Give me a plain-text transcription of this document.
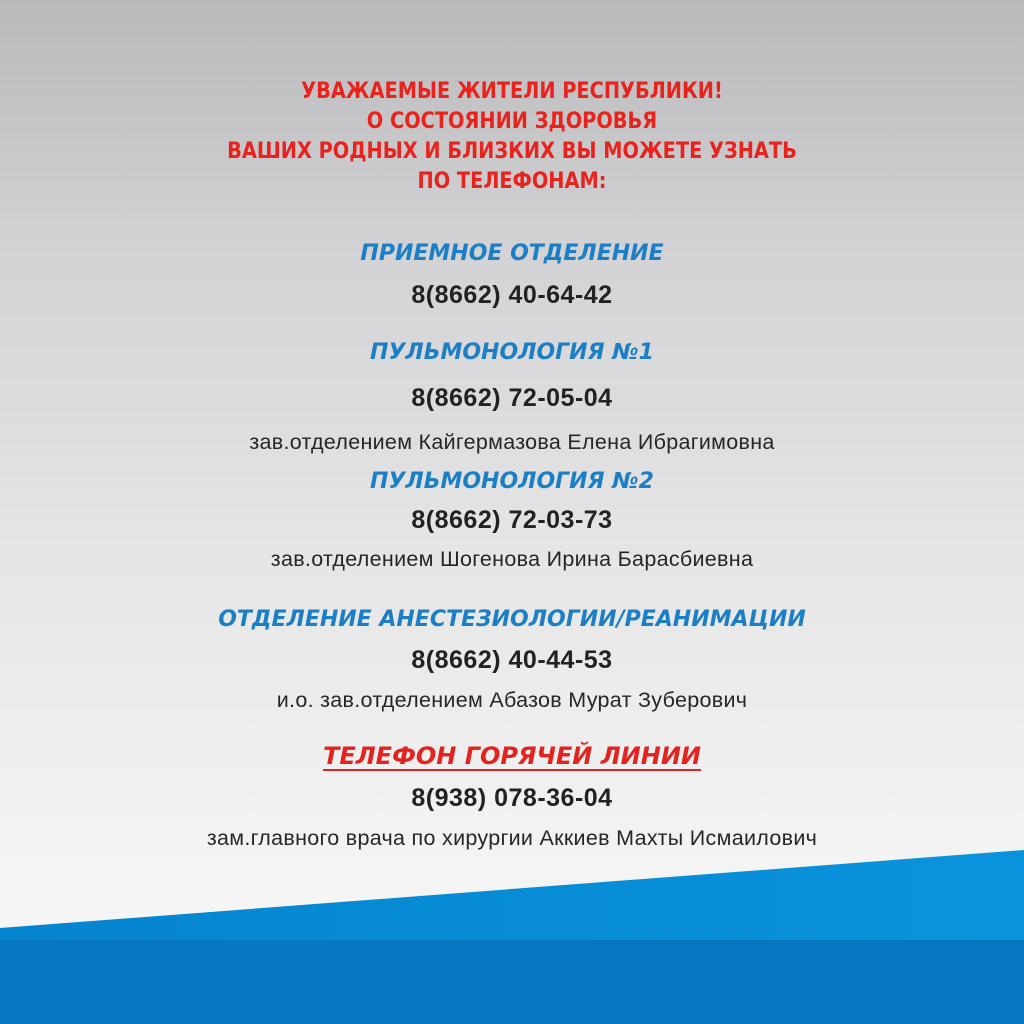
УВАЖАЕМЫЕ ЖИТЕЛИ РЕСПУБЛИКИ!
О СОСТОЯНИИ ЗДОРОВЬЯ
ВАШИХ РОДНЫХ И БЛИЗКИХ ВЫ МОЖЕТЕ УЗНАТЬ
ПО ТЕЛЕФОНАМ:
ПРИЕМНОЕ ОТДЕЛЕНИЕ
8(8662) 40-64-42
ПУЛЬМОНОЛОГИЯ №1
8(8662) 72-05-04
зав.отделением Кайгермазова Елена Ибрагимовна
ПУЛЬМОНОЛОГИЯ №2
8(8662) 72-03-73
зав.отделением Шогенова Ирина Барасбиевна
ОТДЕЛЕНИЕ АНЕСТЕЗИОЛОГИИ/РЕАНИМАЦИИ
8(8662) 40-44-53
и.о. зав.отделением Абазов Мурат Зуберович
ТЕЛЕФОН ГОРЯЧЕЙ ЛИНИИ
8(938) 078-36-04
зам.главного врача по хирургии Аккиев Махты Исмаилович
